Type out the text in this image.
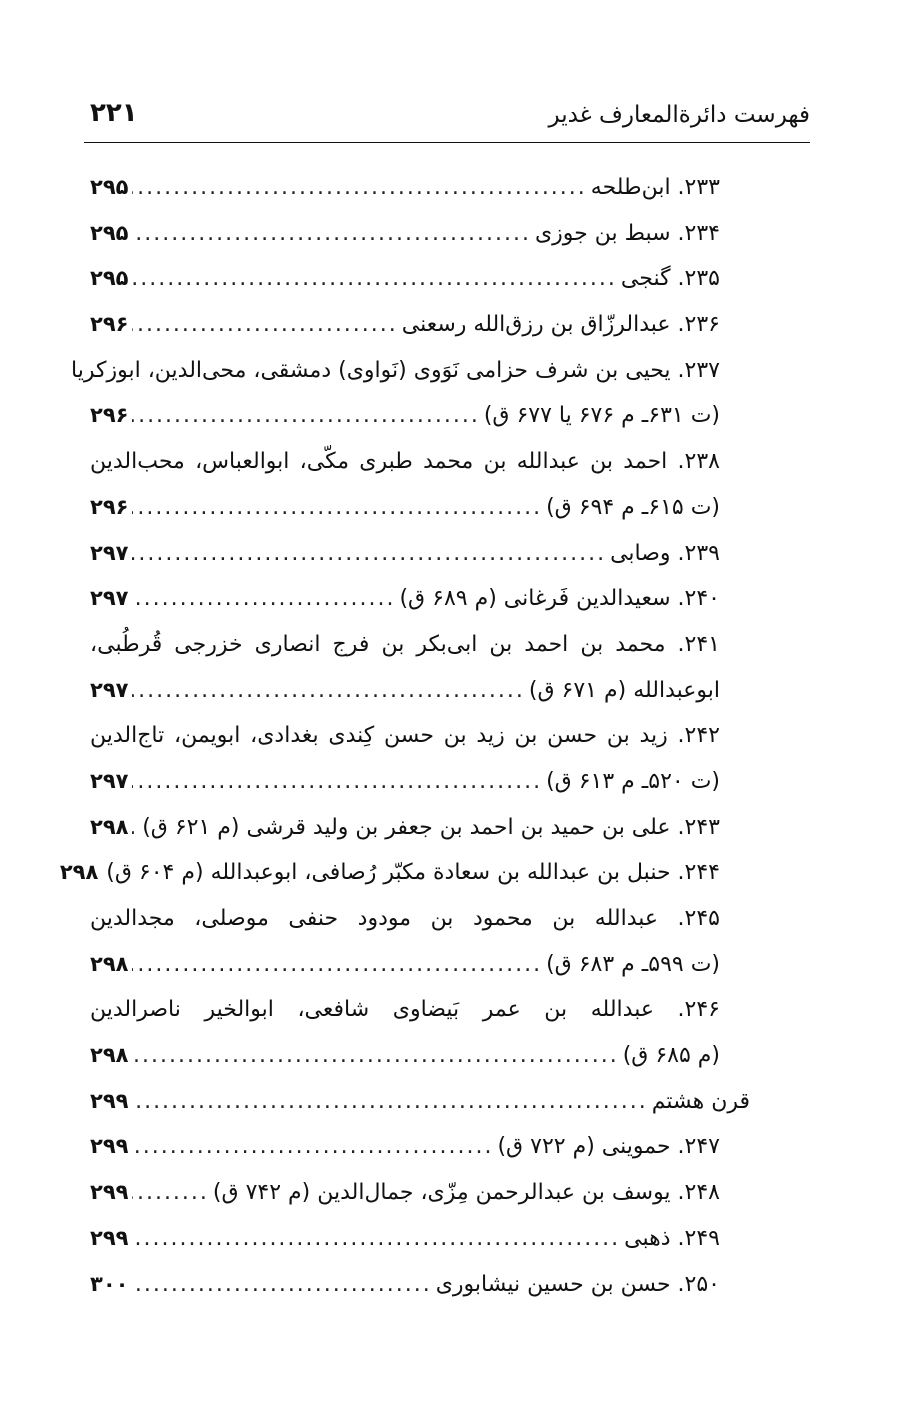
فهرست دائرةالمعارف غدیر
۲۲۱
۲۳۳. ابن‌طلحه
.....
۲۹۵
۲۳۴. سبط بن جوزی
.....
۲۹۵
۲۳۵. گنجی
.....
۲۹۵
۲۳۶. عبدالرزّاق بن رزق‌الله رسعنی
.....
۲۹۶
۲۳۷. یحیی بن شرف حزامی نَوَوی (نَواوی) دمشقی، محی‌الدین، ابوزکریا
(ت ۶۳۱ـ م ۶۷۶ یا ۶۷۷ ق)
.....
۲۹۶
۲۳۸. احمد بن عبدالله بن محمد طبری مکّی، ابوالعباس، محب‌الدین
(ت ۶۱۵ـ م ۶۹۴ ق)
.....
۲۹۶
۲۳۹. وصابی
.....
۲۹۷
۲۴۰. سعیدالدین فَرغانی (م ۶۸۹ ق)
.....
۲۹۷
۲۴۱. محمد بن احمد بن ابی‌بکر بن فرج انصاری خزرجی قُرطُبی،
ابوعبدالله (م ۶۷۱ ق)
.....
۲۹۷
۲۴۲. زید بن حسن بن زید بن حسن کِندی بغدادی، ابویمن، تاج‌الدین
(ت ۵۲۰ـ م ۶۱۳ ق)
.....
۲۹۷
۲۴۳. علی بن حمید بن احمد بن جعفر بن ولید قرشی (م ۶۲۱ ق)
.....
۲۹۸
۲۴۴. حنبل بن عبدالله بن سعادة مکبّر رُصافی، ابوعبدالله (م ۶۰۴ ق)
۲۹۸
۲۴۵. عبدالله بن محمود بن مودود حنفی موصلی، مجدالدین
(ت ۵۹۹ـ م ۶۸۳ ق)
.....
۲۹۸
۲۴۶. عبدالله بن عمر بَیضاوی شافعی، ابوالخیر ناصرالدین
(م ۶۸۵ ق)
.....
۲۹۸
قرن هشتم
.....
۲۹۹
۲۴۷. حموینی (م ۷۲۲ ق)
.....
۲۹۹
۲۴۸. یوسف بن عبدالرحمن مِزّی، جمال‌الدین (م ۷۴۲ ق)
.....
۲۹۹
۲۴۹. ذهبی
.....
۲۹۹
۲۵۰. حسن بن حسین نیشابوری
.....
۳۰۰
